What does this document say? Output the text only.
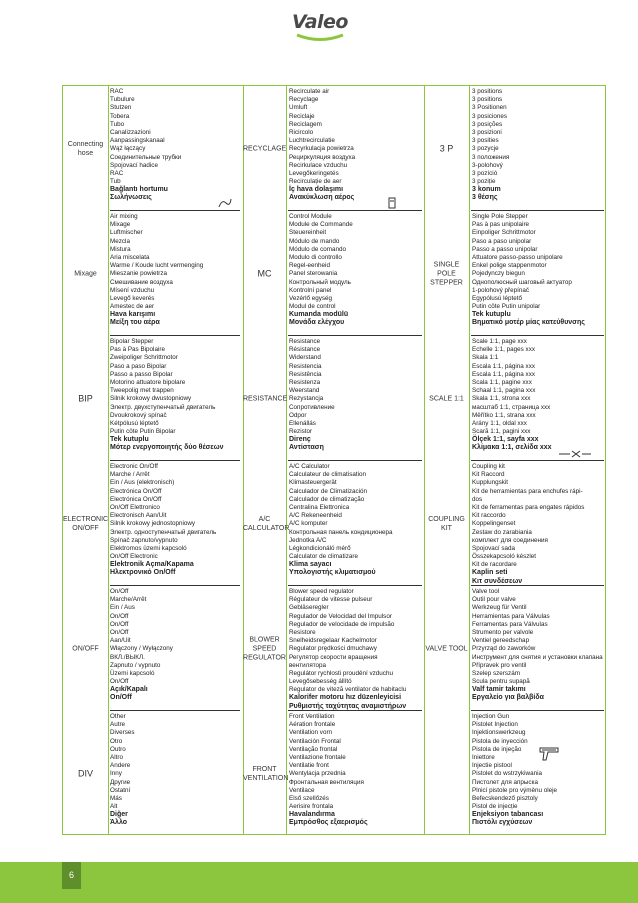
Valeo
Connecting hose
RAC
Tubulure
Stutzen
Tobera
Tubo
Canalizzazioni
Aanpassingskanaal
Wąż łączący
Соединительные трубки
Spojovací hadice
RAC
Tub
Bağlantı hortumu
Σωλήνωσεις
Mixage
Air mixing
Mixage
Luftmischer
Mezcla
Mistura
Aria miscelata
Warme / Koude lucht vermenging
Mieszanie powietrza
Смешивание воздуха
Mísení vzduchu
Levegő keverés
Amestec de aer
Hava karışımı
Μείξη του αέρα
BIP
Bipolar Stepper
Pas à Pas Bipolaire
Zweipoliger Schrittmotor
Paso a paso Bipolar
Passo a passo Bipolar
Motorino attuatore bipolare
Tweepolig met trappen
Silnik krokowy dwustopniowy
Электр. двухступенчатый двигатель
Dvoukrokový spínač
Kétpólusú léptető
Putin cöte Putin Bipolar
Tek kutuplu
Μότερ ενεργοποιητής δύο θέσεων
ELECTRONIC ON/OFF
Electronic On/Off
Marche / Arrêt
Ein / Aus (elektronisch)
Electrónica On/Off
Electrónica On/Off
On/Off Elettronico
Electronisch Aan/Uit
Silnik krokowy jednostopniowy
Электр. одноступенчатый двигатель
Spínač zapnuto/vypnuto
Elektromos üzemi kapcsoló
On/Off Electronic
Elektronik Açma/Kapama
Ηλεκτρονικό On/Off
ON/OFF
On/Off
Marche/Arrêt
Ein / Aus
On/Off
On/Off
On/Off
Aan/Uit
Włączony / Wyłączony
ВКЛ./ВЫКЛ.
Zapnuto / vypnuto
Üzemi kapcsoló
On/Off
Açık/Kapalı
On/Off
DIV
Other
Autre
Diverses
Otro
Outro
Altro
Andere
Inny
Другие
Ostatní
Más
Alt
Diğer
Άλλο
RECYCLAGE
Recirculate air
Recyclage
Umluft
Reciclaje
Reciclagem
Ricircolo
Luchtrecirculatie
Recyrkulacja powietrza
Рециркуляция воздуха
Recirkulace vzduchu
Levegőkeringetés
Recirculație de aer
İç hava dolaşımı
Ανακύκλωση αέρος
MC
Control Module
Module de Commande
Steuereinheit
Módulo de mando
Módulo de comando
Modulo di controllo
Regel-eenheid
Panel sterowania
Контрольный модуль
Kontrolní panel
Vezérlő egység
Modul de control
Kumanda modülü
Μονάδα ελέγχου
RESISTANCE
Resistance
Résistance
Widerstand
Resistencia
Resistência
Resistenza
Weerstand
Rezystancja
Сопротивление
Odpor
Ellenállás
Rezistor
Direnç
Αντίσταση
A/C CALCULATOR
A/C Calculator
Calculateur de climatisation
Klimasteuergerät
Calculador de Climatización
Calculador de climatização
Centralina Elettronica
A/C Rekeneenheid
A/C komputer
Контрольная панель кондиционера
Jednotka A/C
Légkondicionáló mérő
Calculator de climatizare
Klima sayacı
Υπολογιστής κλιματισμού
BLOWER SPEED REGULATOR
Blower speed regulator
Régulateur de vitesse pulseur
Gebläseregler
Regulador de Velocidad del Impulsor
Regulador de velocidade de impulsão
Resistore
Snelheidsregelaar Kachelmotor
Regulator prędkości dmuchawy
Регулятор скорости вращения
вентилятора
Regulátor rychlosti proudění vzduchu
Levegősebesség állító
Regulator de viteză ventilator de habitaclu
Kalorifer motoru hız düzenleyicisi
Ρυθμιστής ταχύτητας αναμιστήρων
FRONT VENTILATION
Front Ventilation
Aération frontale
Ventilation vorn
Ventilación Frontal
Ventilação frontal
Ventilazione frontale
Ventilatie front
Wentylacja przednia
Фронтальная вентиляция
Ventilace
Első szellőzés
Aerisire frontala
Havalandırma
Εμπρόσθος εξαερισμός
3 P
3 positions
3 positions
3 Positionen
3 posiciones
3 posições
3 posizioni
3 posities
3 pozycje
3 положения
3-polohový
3 pozíció
3 poziție
3 konum
3 θέσης
SINGLE POLE STEPPER
Single Pole Stepper
Pas à pas unipolaire
Einpoliger Schrittmotor
Paso a paso unipolar
Passo a passo unipolar
Attuatore passo-passo unipolare
Enkel polige stappenmotor
Pojedynczy biegun
Однополюсный шаговый актуатор
1-polohový přepínač
Egypólusú léptető
Putin cöte Putin unipolar
Tek kutuplu
Βηματικό μοτέρ μίας κατεύθυνσης
SCALE 1:1
Scale 1:1, page xxx
Echelle 1:1, pages xxx
Skala 1:1
Escala 1:1, página xxx
Escala 1:1, página xxx
Scala 1:1, pagine xxx
Schaal 1:1, pagina xxx
Skala 1:1, strona xxx
масштаб 1:1, страница xxx
Měřítko 1:1, strana xxx
Arány 1:1, oldal xxx
Scară 1:1, pagini xxx
Ölçek 1:1, sayfa xxx
Κλίμακα 1:1, σελίδα xxx
COUPLING KIT
Coupling kit
Kit Raccord
Kupplungskit
Kit de herramientas para enchufes rápi-
dos
Kit de ferramentas para engates rápidos
Kit raccordo
Koppelingenset
Zestaw do zarabiania
комплект для соединения
Spojovací sada
Összekapcsoló készlet
Kit de racordare
Kaplin seti
Κιτ συνδέσεων
VALVE TOOL
Valve tool
Outil pour valve
Werkzeug für Ventil
Herramientas para Válvulas
Ferramentas para Válvulas
Strumento per valvole
Ventiel gereedschap
Przyrząd do zaworków
Инструмент для снятия и установки клапана
Přípravek pro ventil
Szelep szerszám
Scula pentru supapă
Valf tamir takımı
Εργαλείο για βαλβίδα
Injection Gun
Pistolet Injection
Injektionswerkzeug
Pistola de inyección
Pistola de injeção
Iniettore
Injectie pistool
Pistolet do wstrzykiwania
Пистолет для апрыска
Plnicí pistole pro výměnu oleje
Befecskendező pisztoly
Pistol de injecție
Enjeksiyon tabancası
Πιστόλι εγχύσεων
6
